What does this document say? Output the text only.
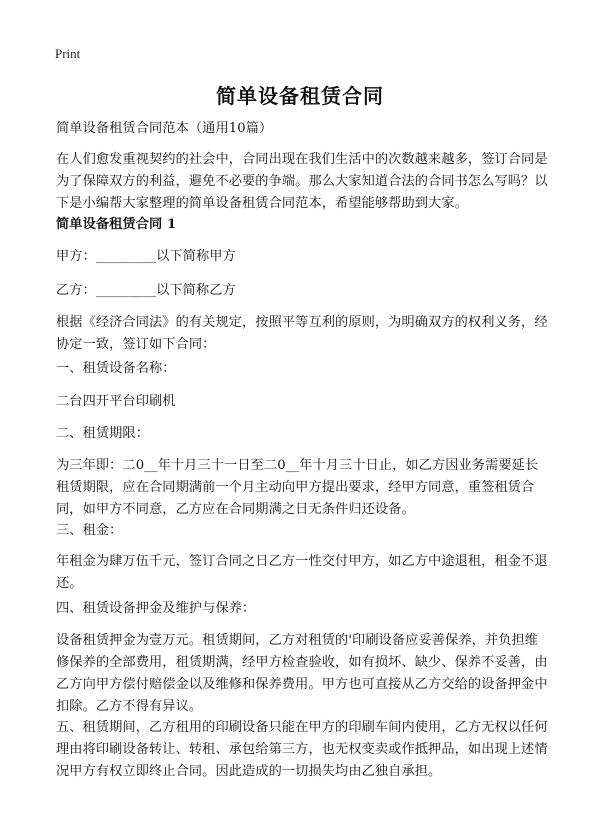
Print
简单设备租赁合同

简单设备租赁合同范本（通用10篇）

在人们愈发重视契约的社会中，合同出现在我们生活中的次数越来越多，签订合同是为了保障双方的利益，避免不必要的争端。那么大家知道合法的合同书怎么写吗？以下是小编帮大家整理的简单设备租赁合同范本，希望能够帮助到大家。

简单设备租赁合同 1

甲方：_________以下简称甲方

乙方：_________以下简称乙方

根据《经济合同法》的有关规定，按照平等互利的原则，为明确双方的权利义务，经协定一致，签订如下合同：

一、租赁设备名称：

二台四开平台印刷机

二、租赁期限：

为三年即：二0__年十月三十一日至二0__年十月三十日止，如乙方因业务需要延长租赁期限，应在合同期满前一个月主动向甲方提出要求，经甲方同意，重签租赁合同，如甲方不同意，乙方应在合同期满之日无条件归还设备。

三、租金：

年租金为肆万伍千元，签订合同之日乙方一性交付甲方，如乙方中途退租，租金不退还。

四、租赁设备押金及维护与保养：

设备租赁押金为壹万元。租赁期间，乙方对租赁的'印刷设备应妥善保养，并负担维修保养的全部费用，租赁期满，经甲方检查验收，如有损坏、缺少、保养不妥善，由乙方向甲方偿付赔偿金以及维修和保养费用。甲方也可直接从乙方交给的设备押金中扣除。乙方不得有异议。

五、租赁期间，乙方租用的印刷设备只能在甲方的印刷车间内使用，乙方无权以任何理由将印刷设备转让、转租、承包给第三方，也无权变卖或作抵押品，如出现上述情况甲方有权立即终止合同。因此造成的一切损失均由乙独自承担。
